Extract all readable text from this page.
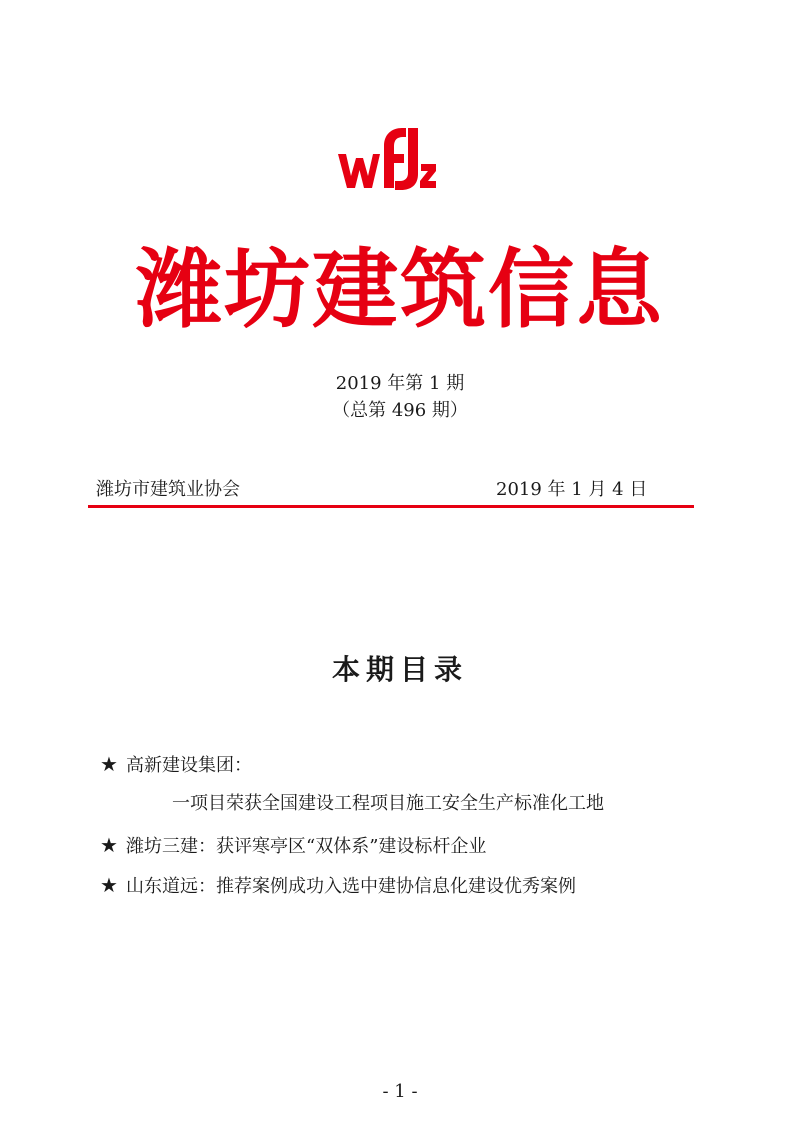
潍坊建筑信息
2019 年第 1 期
（总第 496 期）
潍坊市建筑业协会	2019 年 1 月 4 日
本期目录
★ 高新建设集团：
一项目荣获全国建设工程项目施工安全生产标准化工地
★ 潍坊三建：获评寒亭区“双体系”建设标杆企业
★ 山东道远：推荐案例成功入选中建协信息化建设优秀案例
- 1 -
